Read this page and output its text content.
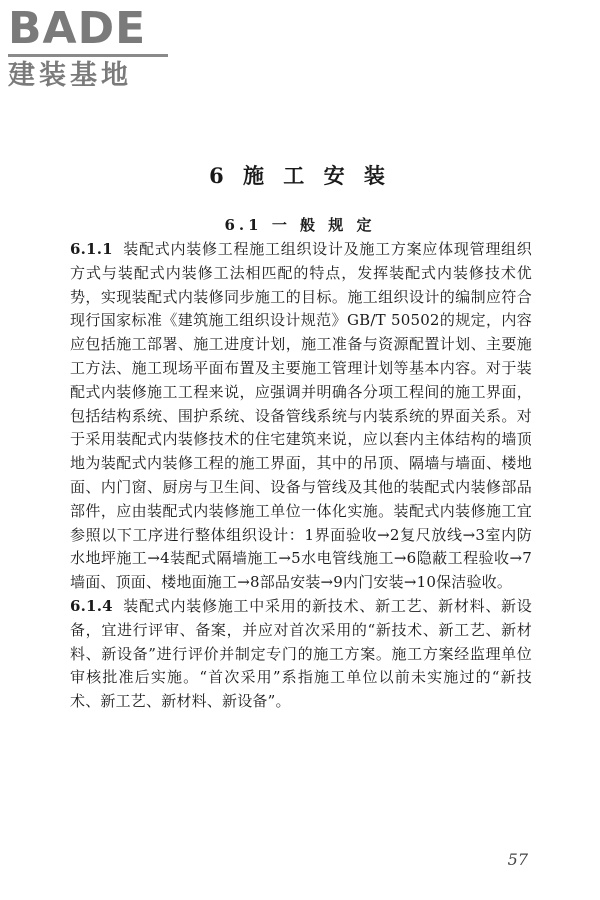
BADE
建装基地
6 施 工 安 装
6.1 一 般 规 定

6.1.1 装配式内装修工程施工组织设计及施工方案应体现管理组织方式与装配式内装修工法相匹配的特点，发挥装配式内装修技术优势，实现装配式内装修同步施工的目标。施工组织设计的编制应符合现行国家标准《建筑施工组织设计规范》GB/T 50502的规定，内容应包括施工部署、施工进度计划，施工准备与资源配置计划、主要施工方法、施工现场平面布置及主要施工管理计划等基本内容。对于装配式内装修施工工程来说，应强调并明确各分项工程间的施工界面，包括结构系统、围护系统、设备管线系统与内装系统的界面关系。对于采用装配式内装修技术的住宅建筑来说，应以套内主体结构的墙顶地为装配式内装修工程的施工界面，其中的吊顶、隔墙与墙面、楼地面、内门窗、厨房与卫生间、设备与管线及其他的装配式内装修部品部件，应由装配式内装修施工单位一体化实施。装配式内装修施工宜参照以下工序进行整体组织设计：1界面验收→2复尺放线→3室内防水地坪施工→4装配式隔墙施工→5水电管线施工→6隐蔽工程验收→7墙面、顶面、楼地面施工→8部品安装→9内门安装→10保洁验收。

6.1.4 装配式内装修施工中采用的新技术、新工艺、新材料、新设备，宜进行评审、备案，并应对首次采用的“新技术、新工艺、新材料、新设备”进行评价并制定专门的施工方案。施工方案经监理单位审核批准后实施。“首次采用”系指施工单位以前未实施过的“新技术、新工艺、新材料、新设备”。

57
